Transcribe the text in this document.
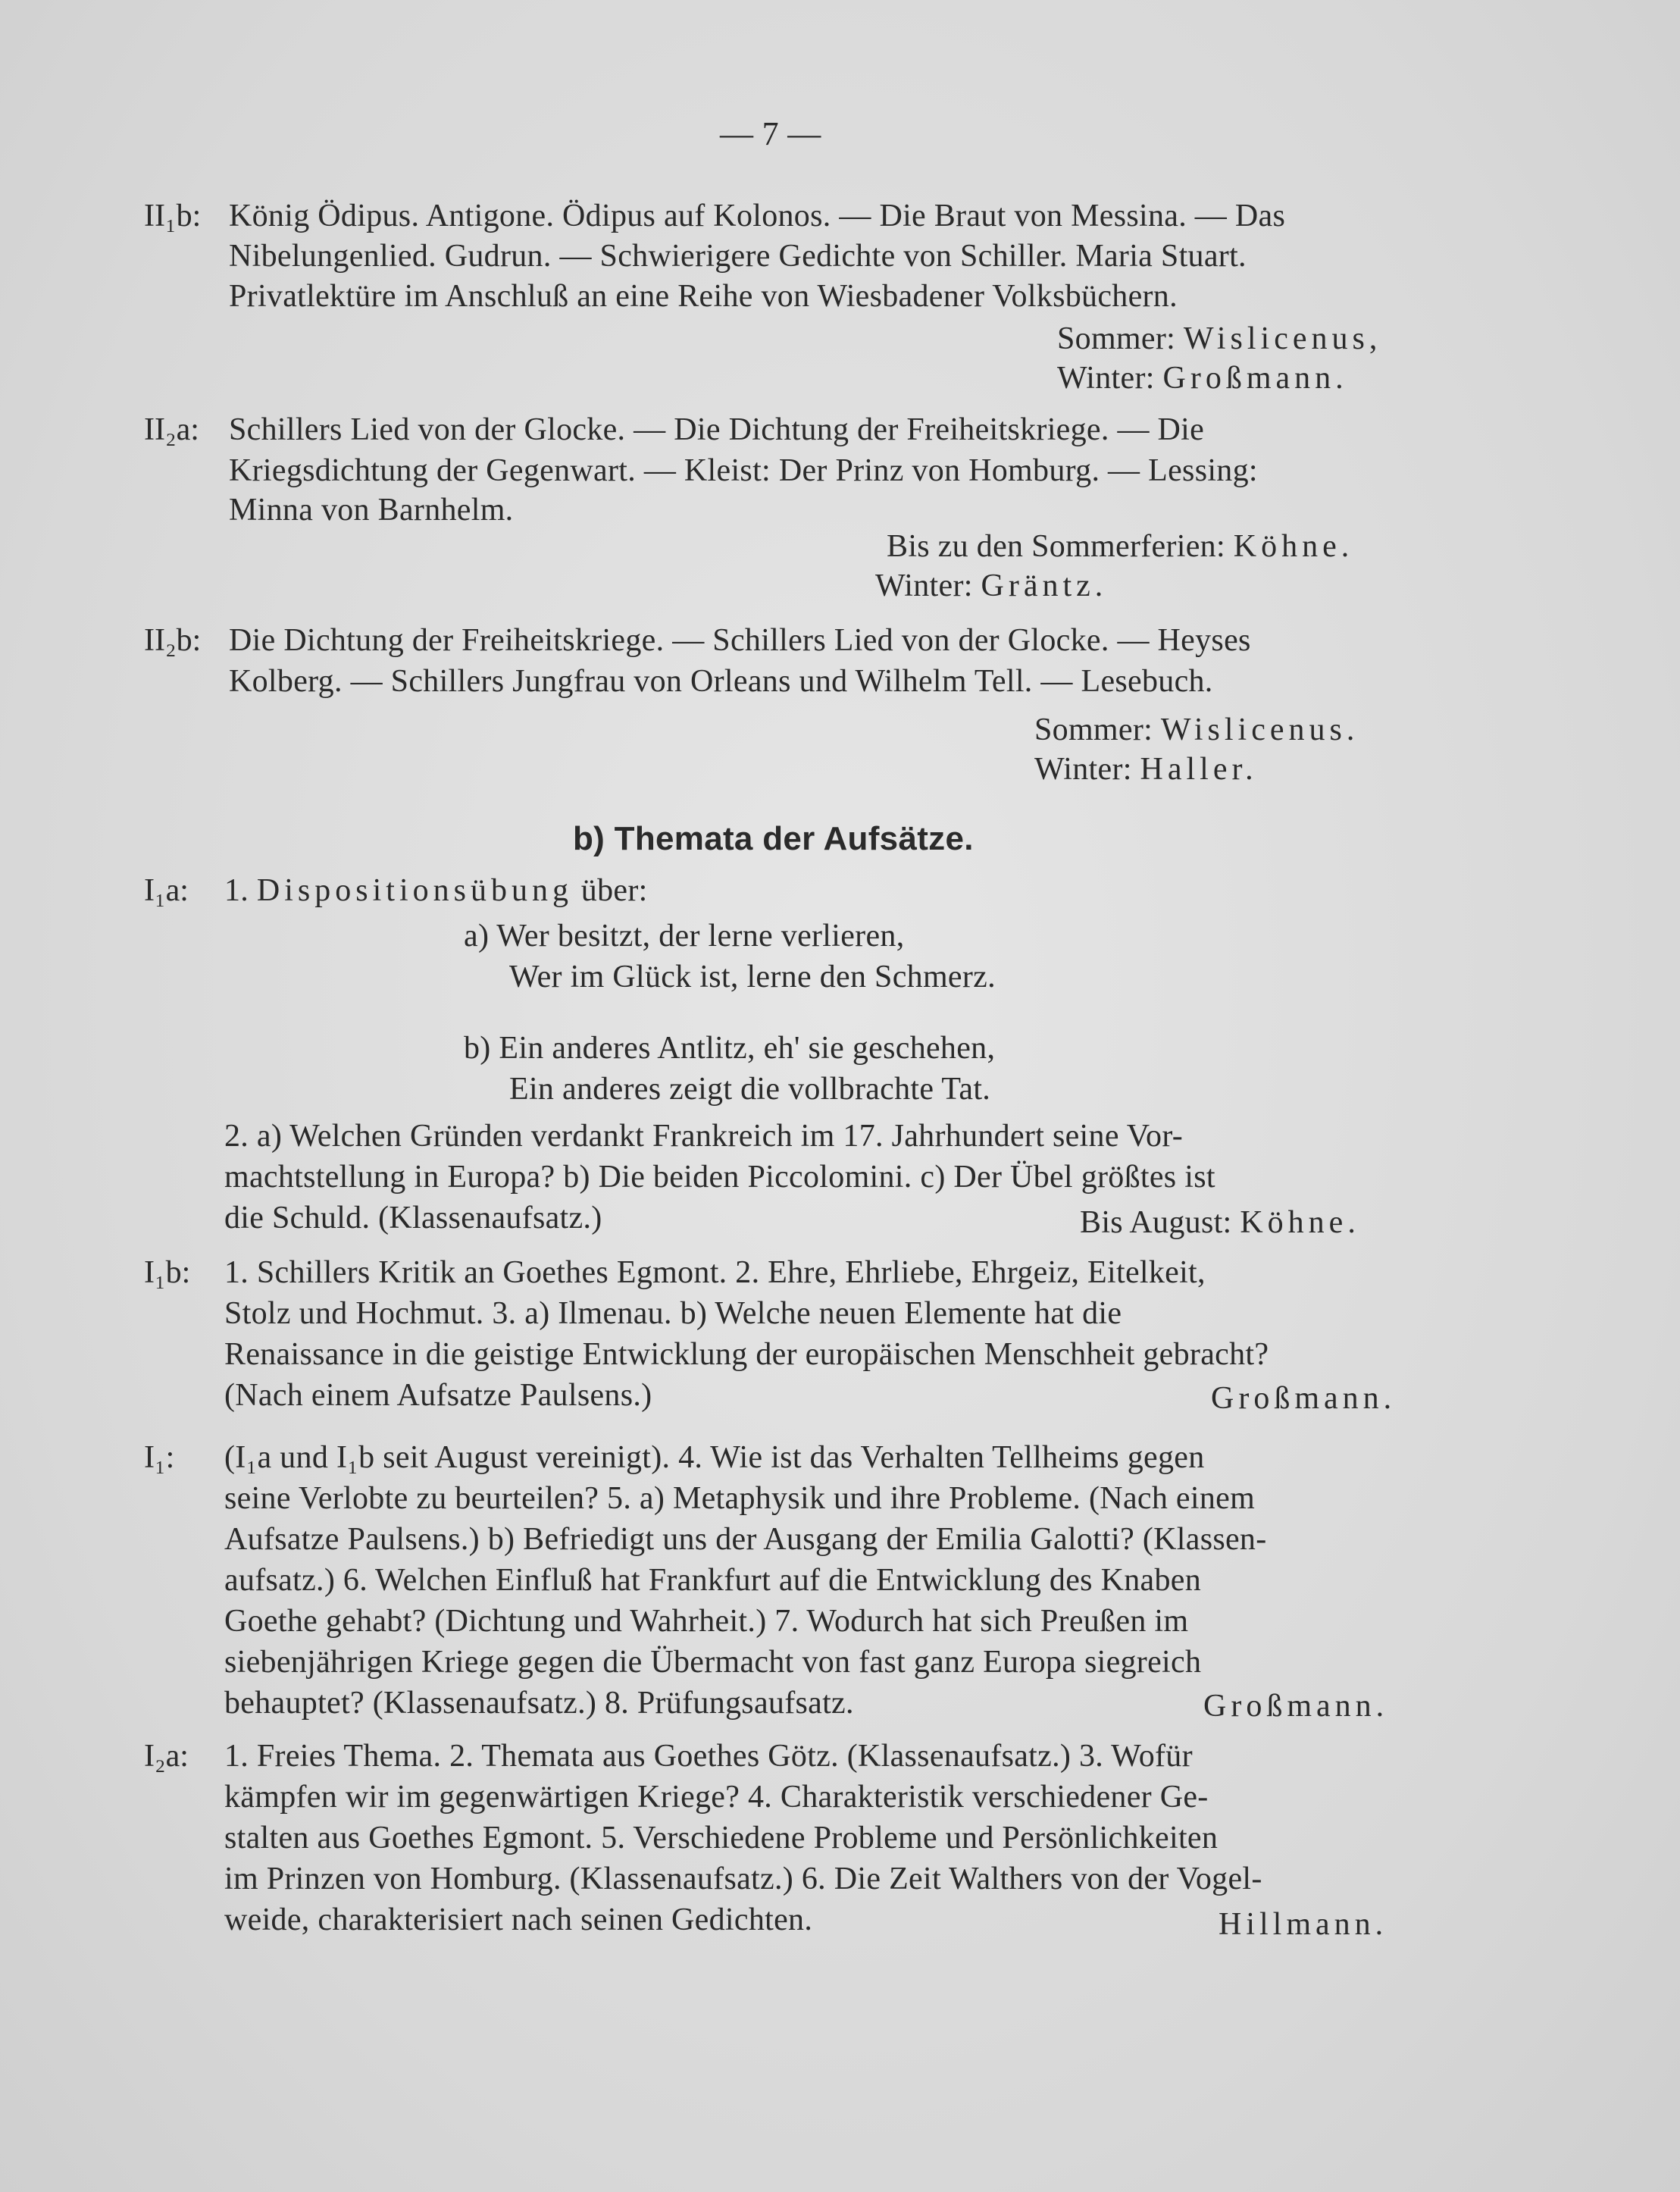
— 7 —
II₁b: König Ödipus. Antigone. Ödipus auf Kolonos. — Die Braut von Messina. — Das
Nibelungenlied. Gudrun. — Schwierigere Gedichte von Schiller. Maria Stuart.
Privatlektüre im Anschluß an eine Reihe von Wiesbadener Volksbüchern.
Sommer: Wislicenus,
Winter: Großmann.
II₂a: Schillers Lied von der Glocke. — Die Dichtung der Freiheitskriege. — Die
Kriegsdichtung der Gegenwart. — Kleist: Der Prinz von Homburg. — Lessing:
Minna von Barnhelm.
Bis zu den Sommerferien: Köhne.
Winter: Gräntz.
II₂b: Die Dichtung der Freiheitskriege. — Schillers Lied von der Glocke. — Heyses
Kolberg. — Schillers Jungfrau von Orleans und Wilhelm Tell. — Lesebuch.
Sommer: Wislicenus.
Winter: Haller.
b) Themata der Aufsätze.
I₁a: 1. Dispositionsübung über:
a) Wer besitzt, der lerne verlieren,
Wer im Glück ist, lerne den Schmerz.
b) Ein anderes Antlitz, eh' sie geschehen,
Ein anderes zeigt die vollbrachte Tat.
2. a) Welchen Gründen verdankt Frankreich im 17. Jahrhundert seine Vor-
machtstellung in Europa? b) Die beiden Piccolomini. c) Der Übel größtes ist
die Schuld. (Klassenaufsatz.)	Bis August: Köhne.
I₁b: 1. Schillers Kritik an Goethes Egmont. 2. Ehre, Ehrliebe, Ehrgeiz, Eitelkeit,
Stolz und Hochmut. 3. a) Ilmenau. b) Welche neuen Elemente hat die
Renaissance in die geistige Entwicklung der europäischen Menschheit gebracht?
(Nach einem Aufsatze Paulsens.)	Großmann.
I₁: (I₁a und I₁b seit August vereinigt). 4. Wie ist das Verhalten Tellheims gegen
seine Verlobte zu beurteilen? 5. a) Metaphysik und ihre Probleme. (Nach einem
Aufsatze Paulsens.) b) Befriedigt uns der Ausgang der Emilia Galotti? (Klassen-
aufsatz.) 6. Welchen Einfluß hat Frankfurt auf die Entwicklung des Knaben
Goethe gehabt? (Dichtung und Wahrheit.) 7. Wodurch hat sich Preußen im
siebenjährigen Kriege gegen die Übermacht von fast ganz Europa siegreich
behauptet? (Klassenaufsatz.) 8. Prüfungsaufsatz.	Großmann.
I₂a: 1. Freies Thema. 2. Themata aus Goethes Götz. (Klassenaufsatz.) 3. Wofür
kämpfen wir im gegenwärtigen Kriege? 4. Charakteristik verschiedener Ge-
stalten aus Goethes Egmont. 5. Verschiedene Probleme und Persönlichkeiten
im Prinzen von Homburg. (Klassenaufsatz.) 6. Die Zeit Walthers von der Vogel-
weide, charakterisiert nach seinen Gedichten.	Hillmann.
